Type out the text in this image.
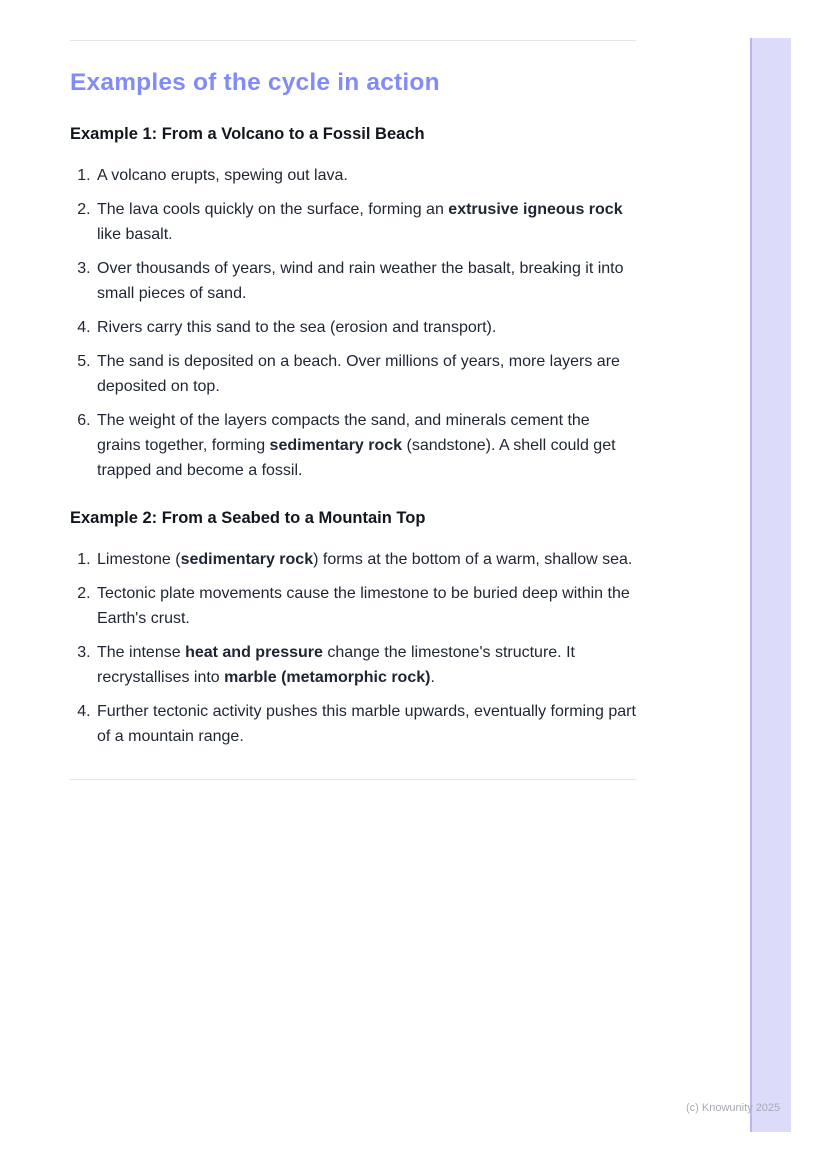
Examples of the cycle in action
Example 1: From a Volcano to a Fossil Beach
1. A volcano erupts, spewing out lava.
2. The lava cools quickly on the surface, forming an extrusive igneous rock like basalt.
3. Over thousands of years, wind and rain weather the basalt, breaking it into small pieces of sand.
4. Rivers carry this sand to the sea (erosion and transport).
5. The sand is deposited on a beach. Over millions of years, more layers are deposited on top.
6. The weight of the layers compacts the sand, and minerals cement the grains together, forming sedimentary rock (sandstone). A shell could get trapped and become a fossil.
Example 2: From a Seabed to a Mountain Top
1. Limestone (sedimentary rock) forms at the bottom of a warm, shallow sea.
2. Tectonic plate movements cause the limestone to be buried deep within the Earth's crust.
3. The intense heat and pressure change the limestone's structure. It recrystallises into marble (metamorphic rock).
4. Further tectonic activity pushes this marble upwards, eventually forming part of a mountain range.
(c) Knowunity 2025
